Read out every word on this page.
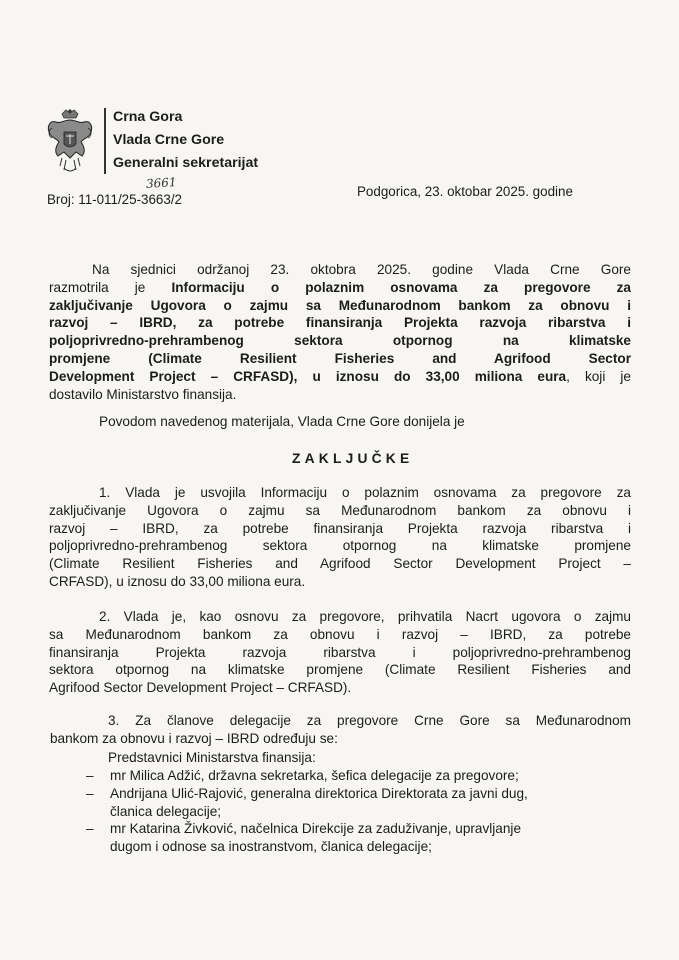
Crna Gora
Vlada Crne Gore
Generalni sekretarijat
3661
Broj: 11-011/25-3663/2
Podgorica, 23. oktobar 2025. godine
Na sjednici održanoj 23. oktobra 2025. godine Vlada Crne Gore
razmotrila je Informaciju o polaznim osnovama za pregovore za
zaključivanje Ugovora o zajmu sa Međunarodnom bankom za obnovu i
razvoj – IBRD, za potrebe finansiranja Projekta razvoja ribarstva i
poljoprivredno-prehrambenog sektora otpornog na klimatske
promjene (Climate Resilient Fisheries and Agrifood Sector
Development Project – CRFASD), u iznosu do 33,00 miliona eura, koji je
dostavilo Ministarstvo finansija.
Povodom navedenog materijala, Vlada Crne Gore donijela je
ZAKLJUČKE
1. Vlada je usvojila Informaciju o polaznim osnovama za pregovore za
zaključivanje Ugovora o zajmu sa Međunarodnom bankom za obnovu i
razvoj – IBRD, za potrebe finansiranja Projekta razvoja ribarstva i
poljoprivredno-prehrambenog sektora otpornog na klimatske promjene
(Climate Resilient Fisheries and Agrifood Sector Development Project –
CRFASD), u iznosu do 33,00 miliona eura.
2. Vlada je, kao osnovu za pregovore, prihvatila Nacrt ugovora o zajmu
sa Međunarodnom bankom za obnovu i razvoj – IBRD, za potrebe
finansiranja Projekta razvoja ribarstva i poljoprivredno-prehrambenog
sektora otpornog na klimatske promjene (Climate Resilient Fisheries and
Agrifood Sector Development Project – CRFASD).
3. Za članove delegacije za pregovore Crne Gore sa Međunarodnom
bankom za obnovu i razvoj – IBRD određuju se:
Predstavnici Ministarstva finansija:
– mr Milica Adžić, državna sekretarka, šefica delegacije za pregovore;
– Andrijana Ulić-Rajović, generalna direktorica Direktorata za javni dug,
članica delegacije;
– mr Katarina Živković, načelnica Direkcije za zaduživanje, upravljanje
dugom i odnose sa inostranstvom, članica delegacije;
